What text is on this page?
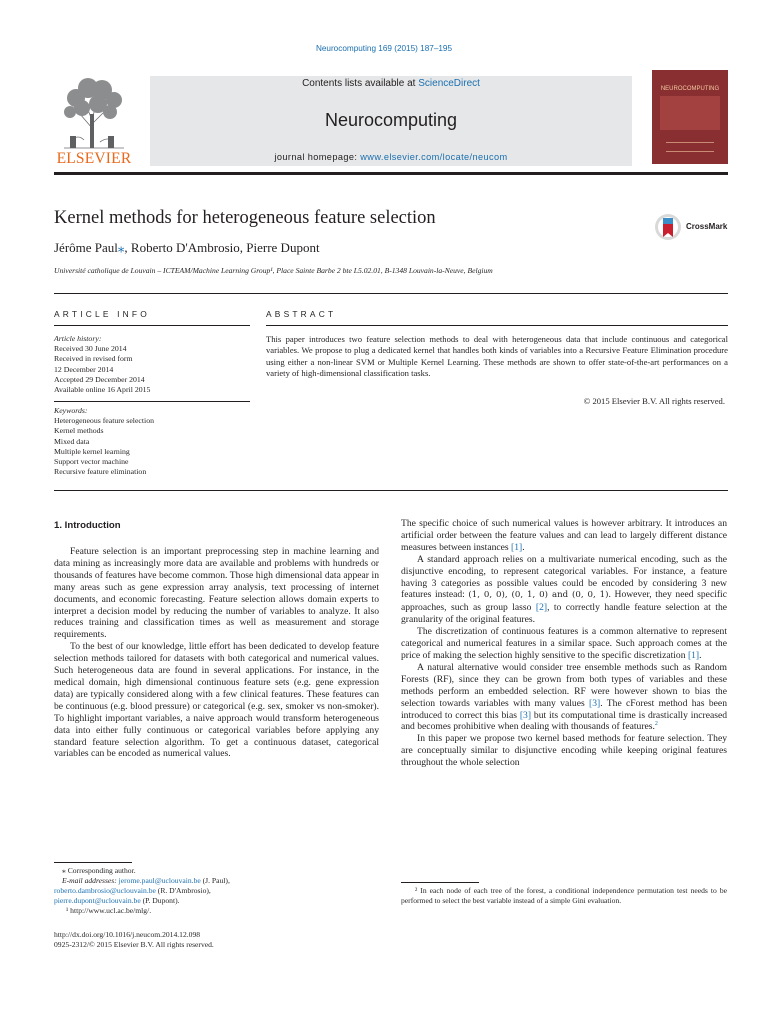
Neurocomputing 169 (2015) 187–195
ELSEVIER
Contents lists available at ScienceDirect
Neurocomputing
journal homepage: www.elsevier.com/locate/neucom
NEUROCOMPUTING
Kernel methods for heterogeneous feature selection
Jérôme Paul⁎, Roberto D'Ambrosio, Pierre Dupont
Université catholique de Louvain – ICTEAM/Machine Learning Group¹, Place Sainte Barbe 2 bte L5.02.01, B-1348 Louvain-la-Neuve, Belgium
CrossMark
ARTICLE INFO	ABSTRACT
Article history:
Received 30 June 2014
Received in revised form
12 December 2014
Accepted 29 December 2014
Available online 16 April 2015
Keywords:
Heterogeneous feature selection
Kernel methods
Mixed data
Multiple kernel learning
Support vector machine
Recursive feature elimination
This paper introduces two feature selection methods to deal with heterogeneous data that include continuous and categorical variables. We propose to plug a dedicated kernel that handles both kinds of variables into a Recursive Feature Elimination procedure using either a non-linear SVM or Multiple Kernel Learning. These methods are shown to offer state-of-the-art performances on a variety of high-dimensional classification tasks.
© 2015 Elsevier B.V. All rights reserved.
1. Introduction

Feature selection is an important preprocessing step in machine learning and data mining as increasingly more data are available and problems with hundreds or thousands of features have become common. Those high dimensional data appear in many areas such as gene expression array analysis, text processing of internet documents, and economic forecasting. Feature selection allows domain experts to interpret a decision model by reducing the number of variables to analyze. It also reduces training and classification times as well as measurement and storage requirements.

To the best of our knowledge, little effort has been dedicated to develop feature selection methods tailored for datasets with both categorical and numerical values. Such heterogeneous data are found in several applications. For instance, in the medical domain, high dimensional continuous feature sets (e.g. gene expression data) are typically considered along with a few clinical features. These features can be continuous (e.g. blood pressure) or categorical (e.g. sex, smoker vs non-smoker). To highlight important variables, a naive approach would transform heterogeneous data into either fully continuous or categorical variables before applying any standard feature selection algorithm. To get a continuous dataset, categorical variables can be encoded as numerical values.

The specific choice of such numerical values is however arbitrary. It introduces an artificial order between the feature values and can lead to largely different distance measures between instances [1].

A standard approach relies on a multivariate numerical encoding, such as the disjunctive encoding, to represent categorical variables. For instance, a feature having 3 categories as possible values could be encoded by considering 3 new features instead: (1, 0, 0), (0, 1, 0) and (0, 0, 1). However, they need specific approaches, such as group lasso [2], to correctly handle feature selection at the granularity of the original features.

The discretization of continuous features is a common alternative to represent categorical and numerical features in a similar space. Such approach comes at the price of making the selection highly sensitive to the specific discretization [1].

A natural alternative would consider tree ensemble methods such as Random Forests (RF), since they can be grown from both types of variables and these methods perform an embedded selection. RF were however shown to bias the selection towards variables with many values [3]. The cForest method has been introduced to correct this bias [3] but its computational time is drastically increased and becomes prohibitive when dealing with thousands of features.$^2$

In this paper we propose two kernel based methods for feature selection. They are conceptually similar to disjunctive encoding while keeping original features throughout the whole selection

⁎ Corresponding author.
E-mail addresses: jerome.paul@uclouvain.be (J. Paul),
roberto.dambrosio@uclouvain.be (R. D'Ambrosio),
pierre.dupont@uclouvain.be (P. Dupont).
¹ http://www.ucl.ac.be/mlg/.
http://dx.doi.org/10.1016/j.neucom.2014.12.098
0925-2312/© 2015 Elsevier B.V. All rights reserved.
² In each node of each tree of the forest, a conditional independence permutation test needs to be performed to select the best variable instead of a simple Gini evaluation.
